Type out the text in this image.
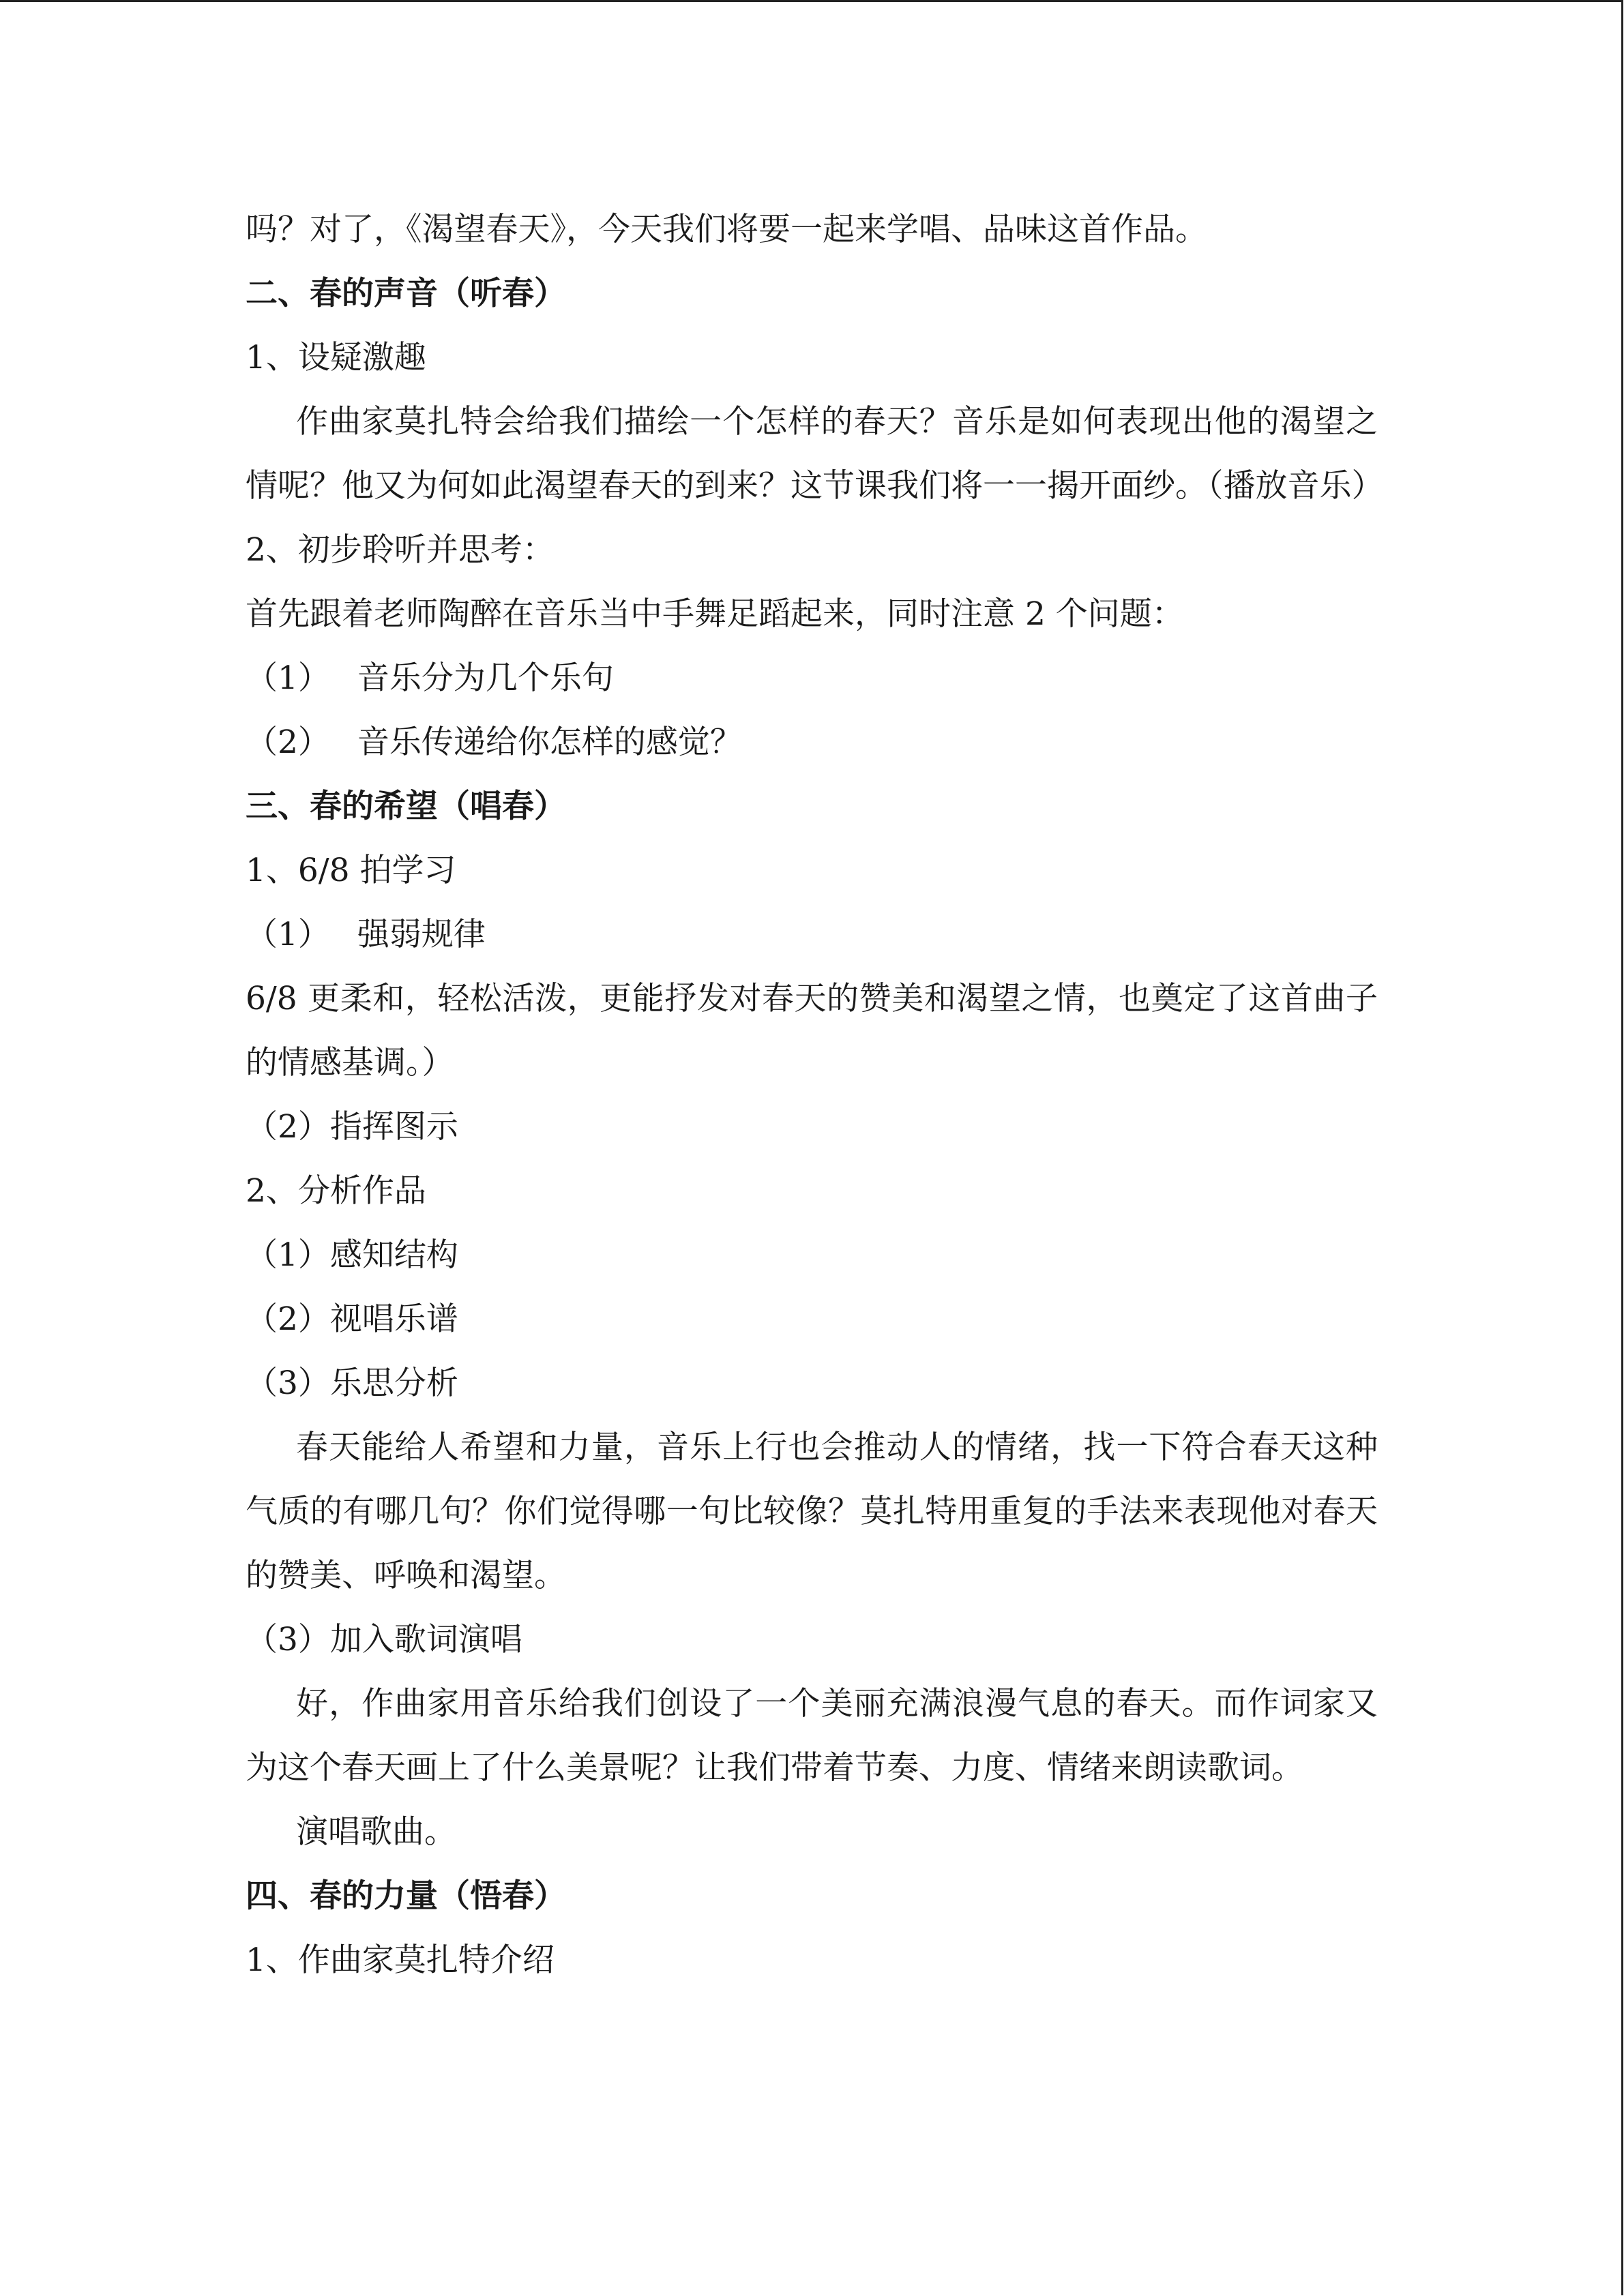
吗？对了，《渴望春天》，今天我们将要一起来学唱、品味这首作品。

二、春的声音（听春）

1、设疑激趣

作曲家莫扎特会给我们描绘一个怎样的春天？音乐是如何表现出他的渴望之情呢？他又为何如此渴望春天的到来？这节课我们将一一揭开面纱。（播放音乐）

2、初步聆听并思考：

首先跟着老师陶醉在音乐当中手舞足蹈起来，同时注意 2 个问题：

（1） 音乐分为几个乐句

（2） 音乐传递给你怎样的感觉？

三、春的希望（唱春）

1、6/8 拍学习

（1） 强弱规律

6/8 更柔和，轻松活泼，更能抒发对春天的赞美和渴望之情，也奠定了这首曲子的情感基调。）

（2）指挥图示

2、分析作品

（1）感知结构

（2）视唱乐谱

（3）乐思分析

春天能给人希望和力量，音乐上行也会推动人的情绪，找一下符合春天这种气质的有哪几句？你们觉得哪一句比较像？莫扎特用重复的手法来表现他对春天的赞美、呼唤和渴望。

（3）加入歌词演唱

好，作曲家用音乐给我们创设了一个美丽充满浪漫气息的春天。而作词家又为这个春天画上了什么美景呢？让我们带着节奏、力度、情绪来朗读歌词。

演唱歌曲。

四、春的力量（悟春）

1、作曲家莫扎特介绍
